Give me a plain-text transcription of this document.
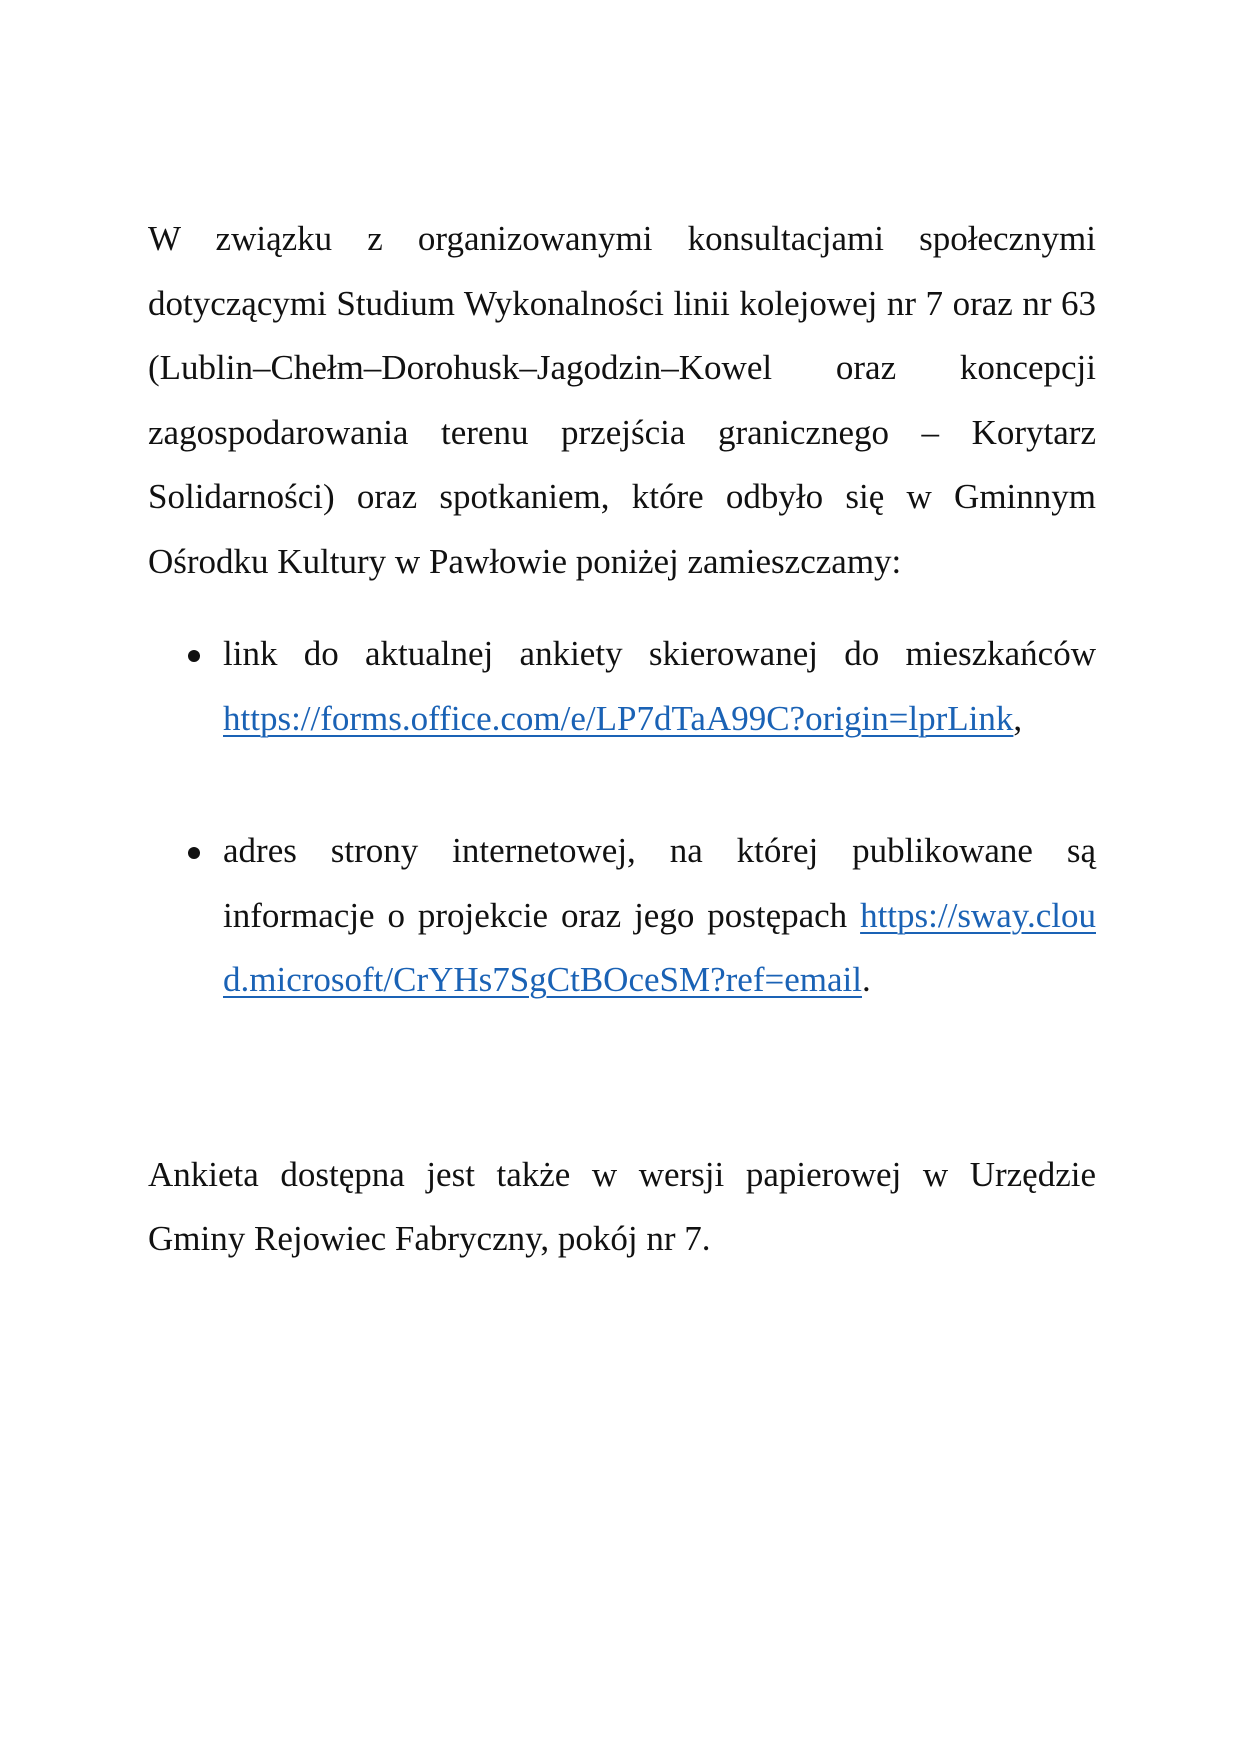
W związku z organizowanymi konsultacjami społecznymi dotyczącymi Studium Wykonalności linii kolejowej nr 7 oraz nr 63 (Lublin–Chełm–Dorohusk–Jagodzin–Kowel oraz koncepcji zagospodarowania terenu przejścia granicznego – Korytarz Solidarności) oraz spotkaniem, które odbyło się w Gminnym Ośrodku Kultury w Pawłowie poniżej zamieszczamy:

link do aktualnej ankiety skierowanej do mieszkańców https://forms.office.com/e/LP7dTaA99C?origin=lprLink,
adres strony internetowej, na której publikowane są informacje o projekcie oraz jego postępach https://sway.cloud.microsoft/CrYHs7SgCtBOceSM?ref=email.

Ankieta dostępna jest także w wersji papierowej w Urzędzie Gminy Rejowiec Fabryczny, pokój nr 7.
